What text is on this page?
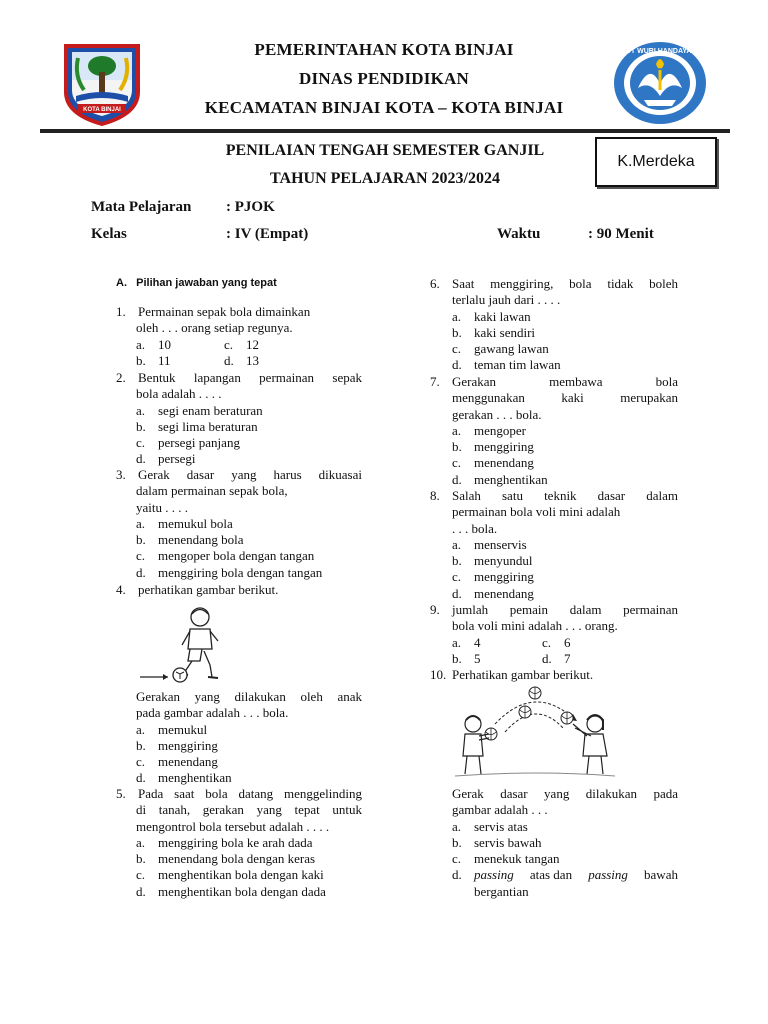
KOTA BINJAI
PEMERINTAHAN KOTA BINJAI
DINAS PENDIDIKAN
KECAMATAN BINJAI KOTA – KOTA BINJAI
TUT WURI HANDAYANI
PENILAIAN TENGAH SEMESTER GANJIL
TAHUN PELAJARAN 2023/2024
K.Merdeka
Mata Pelajaran : PJOK
Kelas	: IV (Empat)	Waktu	: 90 Menit
A.   Pilihan jawaban yang tepat
1. Permainan sepak bola dimainkan
oleh . . . orang setiap regunya.
a. 10	c. 12
b. 11	d. 13
2. Bentuk lapangan permainan sepak
bola adalah . . . .
a. segi enam beraturan
b. segi lima beraturan
c. persegi panjang
d. persegi
3. Gerak dasar yang harus dikuasai
dalam permainan sepak bola,
yaitu . . . .
a. memukul bola
b. menendang bola
c. mengoper bola dengan tangan
d. menggiring bola dengan tangan
4. perhatikan gambar berikut.
Gerakan yang dilakukan oleh anak
pada gambar adalah . . . bola.
a. memukul
b. menggiring
c. menendang
d. menghentikan
5. Pada saat bola datang menggelinding
di tanah, gerakan yang tepat untuk
mengontrol bola tersebut adalah . . . .
a. menggiring bola ke arah dada
b. menendang bola dengan keras
c. menghentikan bola dengan kaki
d. menghentikan bola dengan dada
6. Saat menggiring, bola tidak boleh
terlalu jauh dari . . . .
a. kaki lawan
b. kaki sendiri
c. gawang lawan
d. teman tim lawan
7. Gerakan membawa bola
menggunakan kaki merupakan
gerakan . . . bola.
a. mengoper
b. menggiring
c. menendang
d. menghentikan
8. Salah satu teknik dasar dalam
permainan bola voli mini adalah
. . . bola.
a. menservis
b. menyundul
c. menggiring
d. menendang
9. jumlah pemain dalam permainan
bola voli mini adalah . . . orang.
a. 4	c. 6
b. 5	d. 7
10. Perhatikan gambar berikut.
Gerak dasar yang dilakukan pada
gambar adalah . . .
a. servis atas
b. servis bawah
c. menekuk tangan
d. passing atas dan passing bawah
bergantian
